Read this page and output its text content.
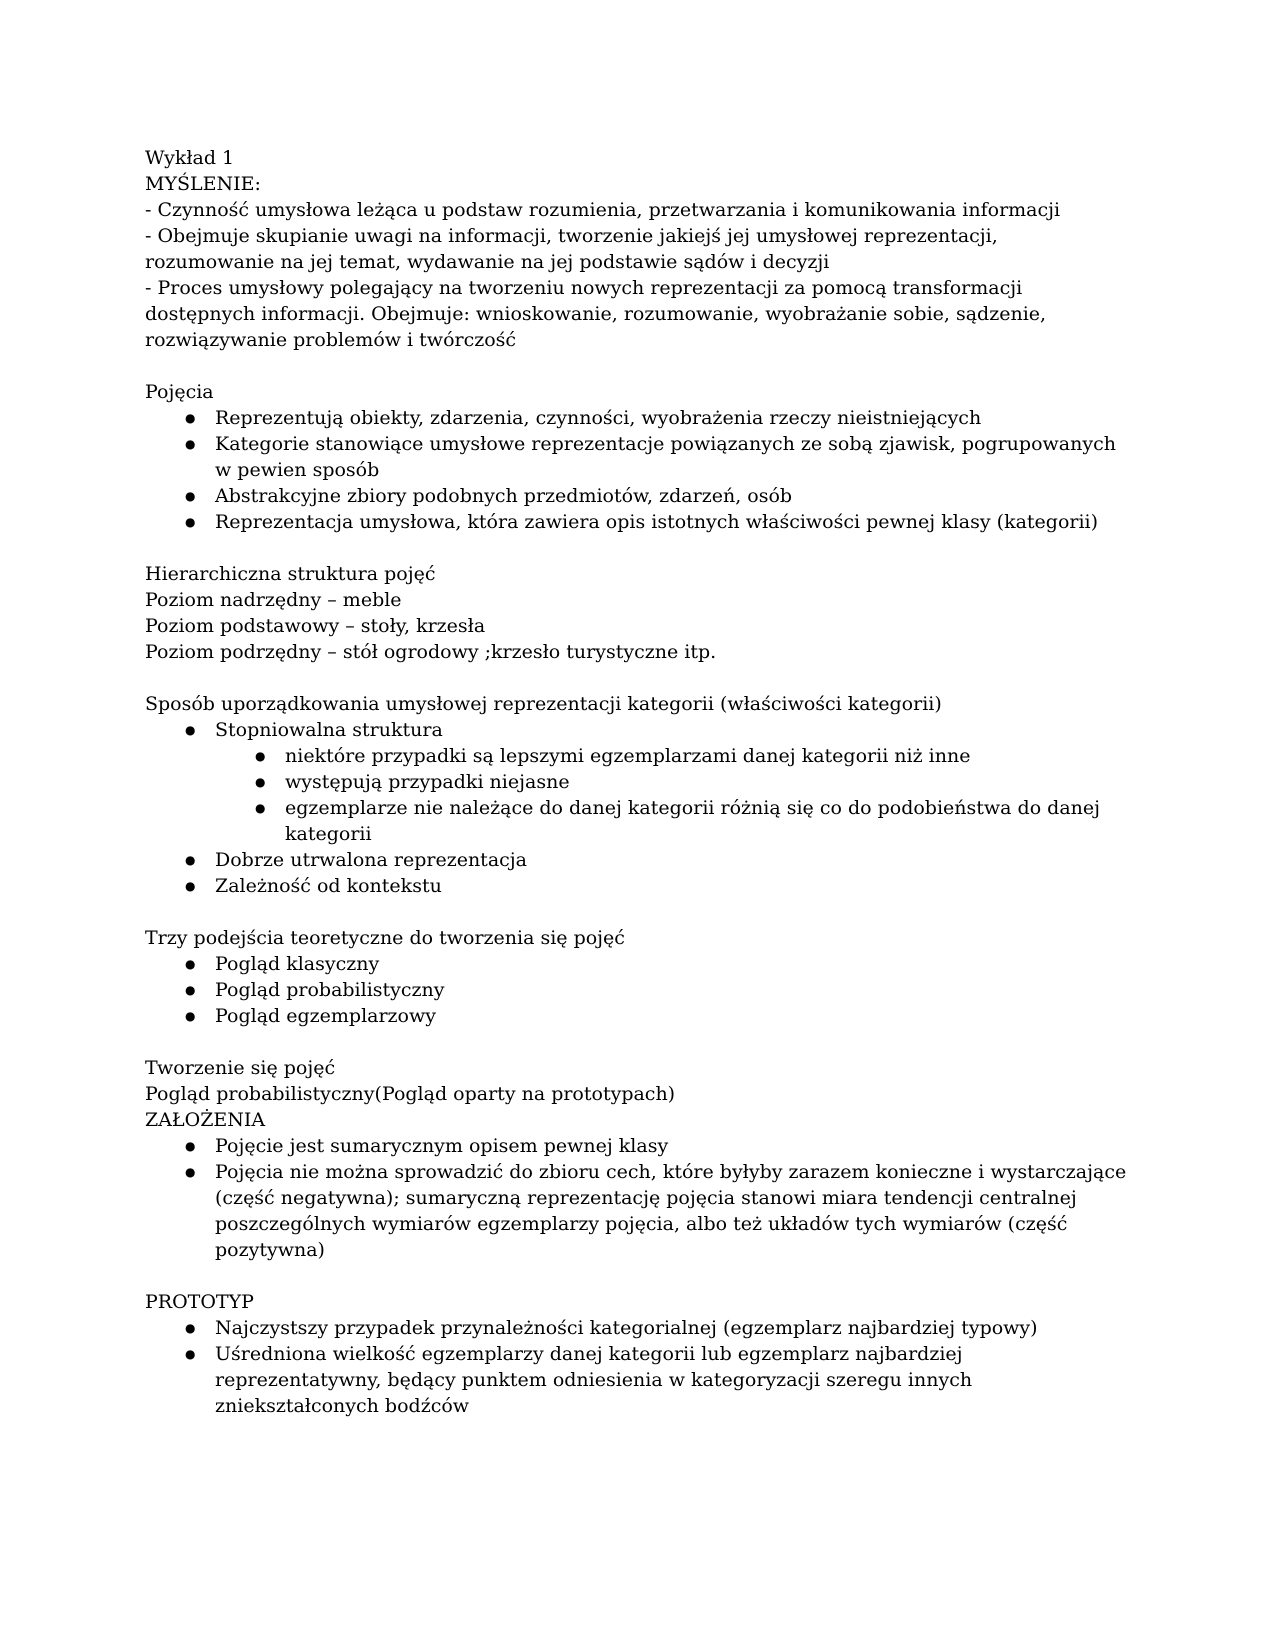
Wykład 1

MYŚLENIE:

- Czynność umysłowa leżąca u podstaw rozumienia, przetwarzania i komunikowania informacji

- Obejmuje skupianie uwagi na informacji, tworzenie jakiejś jej umysłowej reprezentacji, rozumowanie na jej temat, wydawanie na jej podstawie sądów i decyzji

- Proces umysłowy polegający na tworzeniu nowych reprezentacji za pomocą transformacji dostępnych informacji. Obejmuje: wnioskowanie, rozumowanie, wyobrażanie sobie, sądzenie, rozwiązywanie problemów i twórczość

Pojęcia

●	Reprezentują obiekty, zdarzenia, czynności, wyobrażenia rzeczy nieistniejących
●	Kategorie stanowiące umysłowe reprezentacje powiązanych ze sobą zjawisk, pogrupowanych w pewien sposób
●	Abstrakcyjne zbiory podobnych przedmiotów, zdarzeń, osób
●	Reprezentacja umysłowa, która zawiera opis istotnych właściwości pewnej klasy (kategorii)

Hierarchiczna struktura pojęć

Poziom nadrzędny – meble

Poziom podstawowy – stoły, krzesła

Poziom podrzędny – stół ogrodowy ;krzesło turystyczne itp.

Sposób uporządkowania umysłowej reprezentacji kategorii (właściwości kategorii)

●	Stopniowalna struktura
●	niektóre przypadki są lepszymi egzemplarzami danej kategorii niż inne
●	występują przypadki niejasne
●	egzemplarze nie należące do danej kategorii różnią się co do podobieństwa do danej kategorii
●	Dobrze utrwalona reprezentacja
●	Zależność od kontekstu

Trzy podejścia teoretyczne do tworzenia się pojęć

●	Pogląd klasyczny
●	Pogląd probabilistyczny
●	Pogląd egzemplarzowy

Tworzenie się pojęć

Pogląd probabilistyczny(Pogląd oparty na prototypach)

ZAŁOŻENIA

●	Pojęcie jest sumarycznym opisem pewnej klasy
●	Pojęcia nie można sprowadzić do zbioru cech, które byłyby zarazem konieczne i wystarczające (część negatywna); sumaryczną reprezentację pojęcia stanowi miara tendencji centralnej poszczególnych wymiarów egzemplarzy pojęcia, albo też układów tych wymiarów (część pozytywna)

PROTOTYP

●	Najczystszy przypadek przynależności kategorialnej (egzemplarz najbardziej typowy)
●	Uśredniona wielkość egzemplarzy danej kategorii lub egzemplarz najbardziej reprezentatywny, będący punktem odniesienia w kategoryzacji szeregu innych zniekształconych bodźców
